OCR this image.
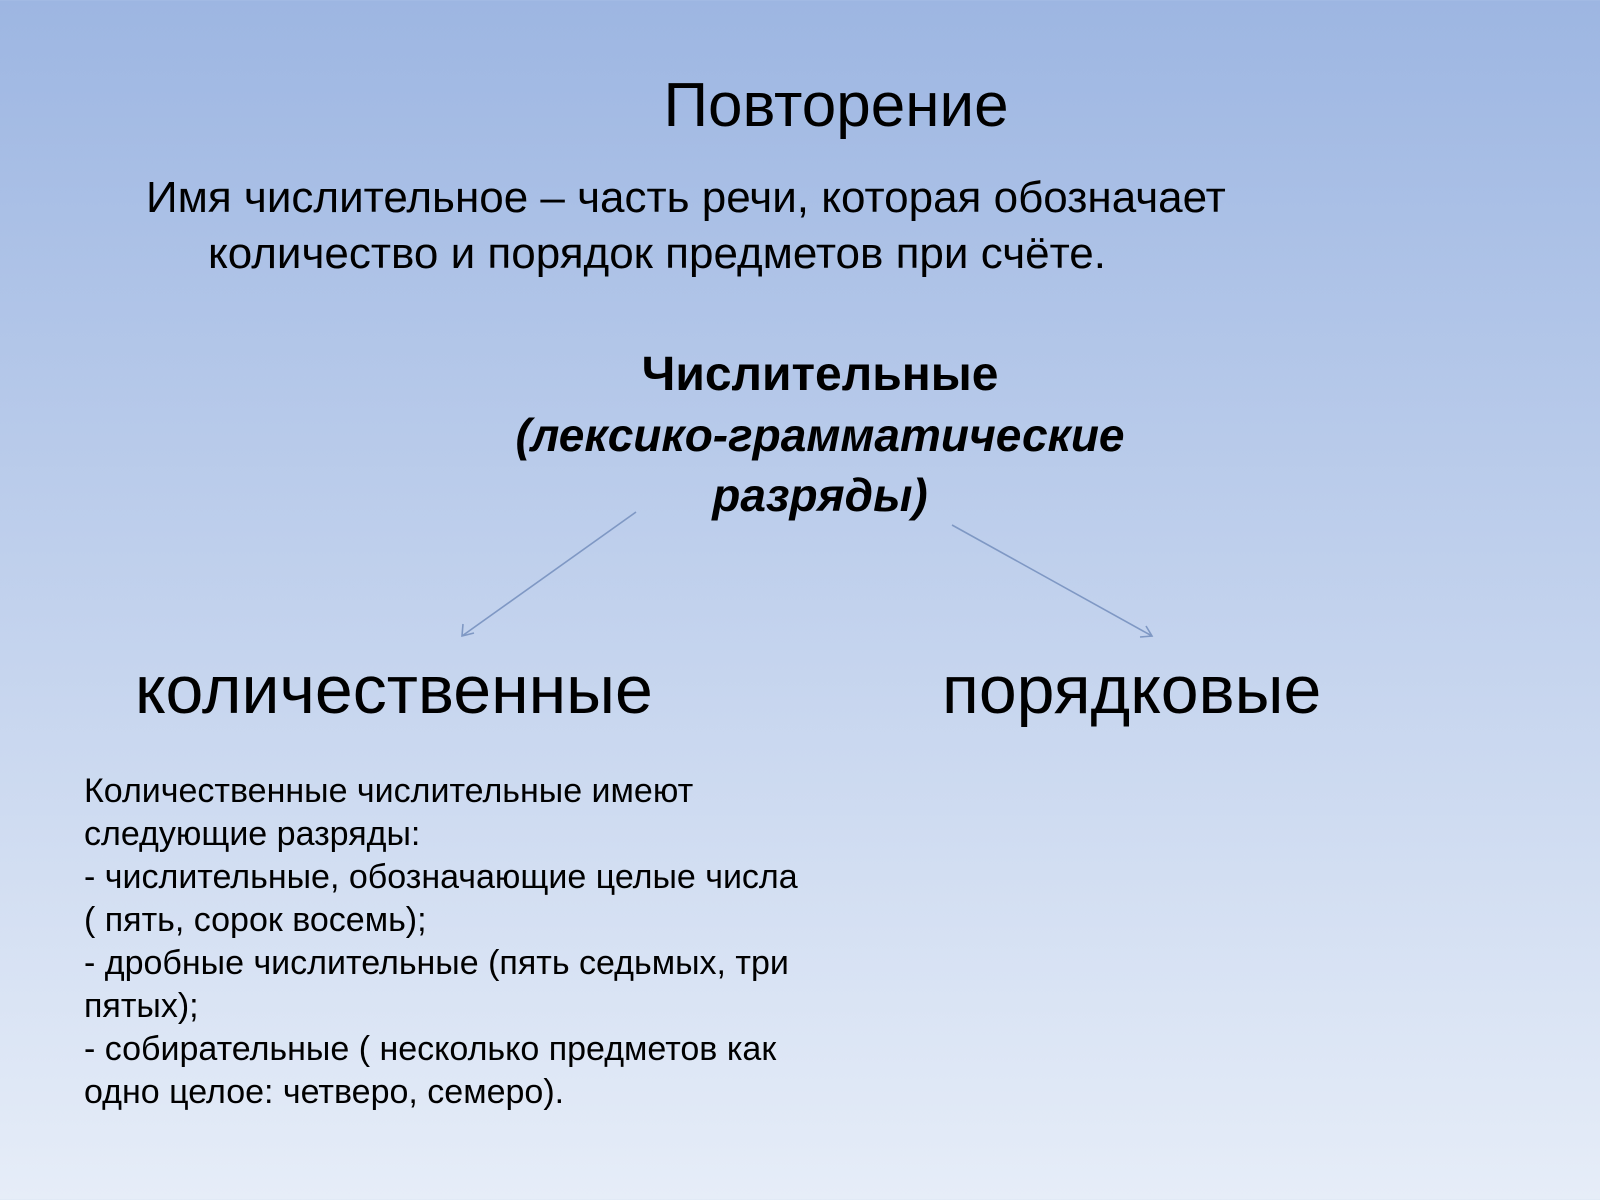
Повторение
Имя числительное – часть речи, которая обозначает
количество и порядок предметов при счёте.
Числительные
(лексико-грамматические
разряды)
количественные	порядковые
Количественные числительные имеют
следующие разряды:
- числительные, обозначающие целые числа
( пять, сорок восемь);
- дробные числительные (пять седьмых, три
пятых);
- собирательные ( несколько предметов как
одно целое: четверо, семеро).
